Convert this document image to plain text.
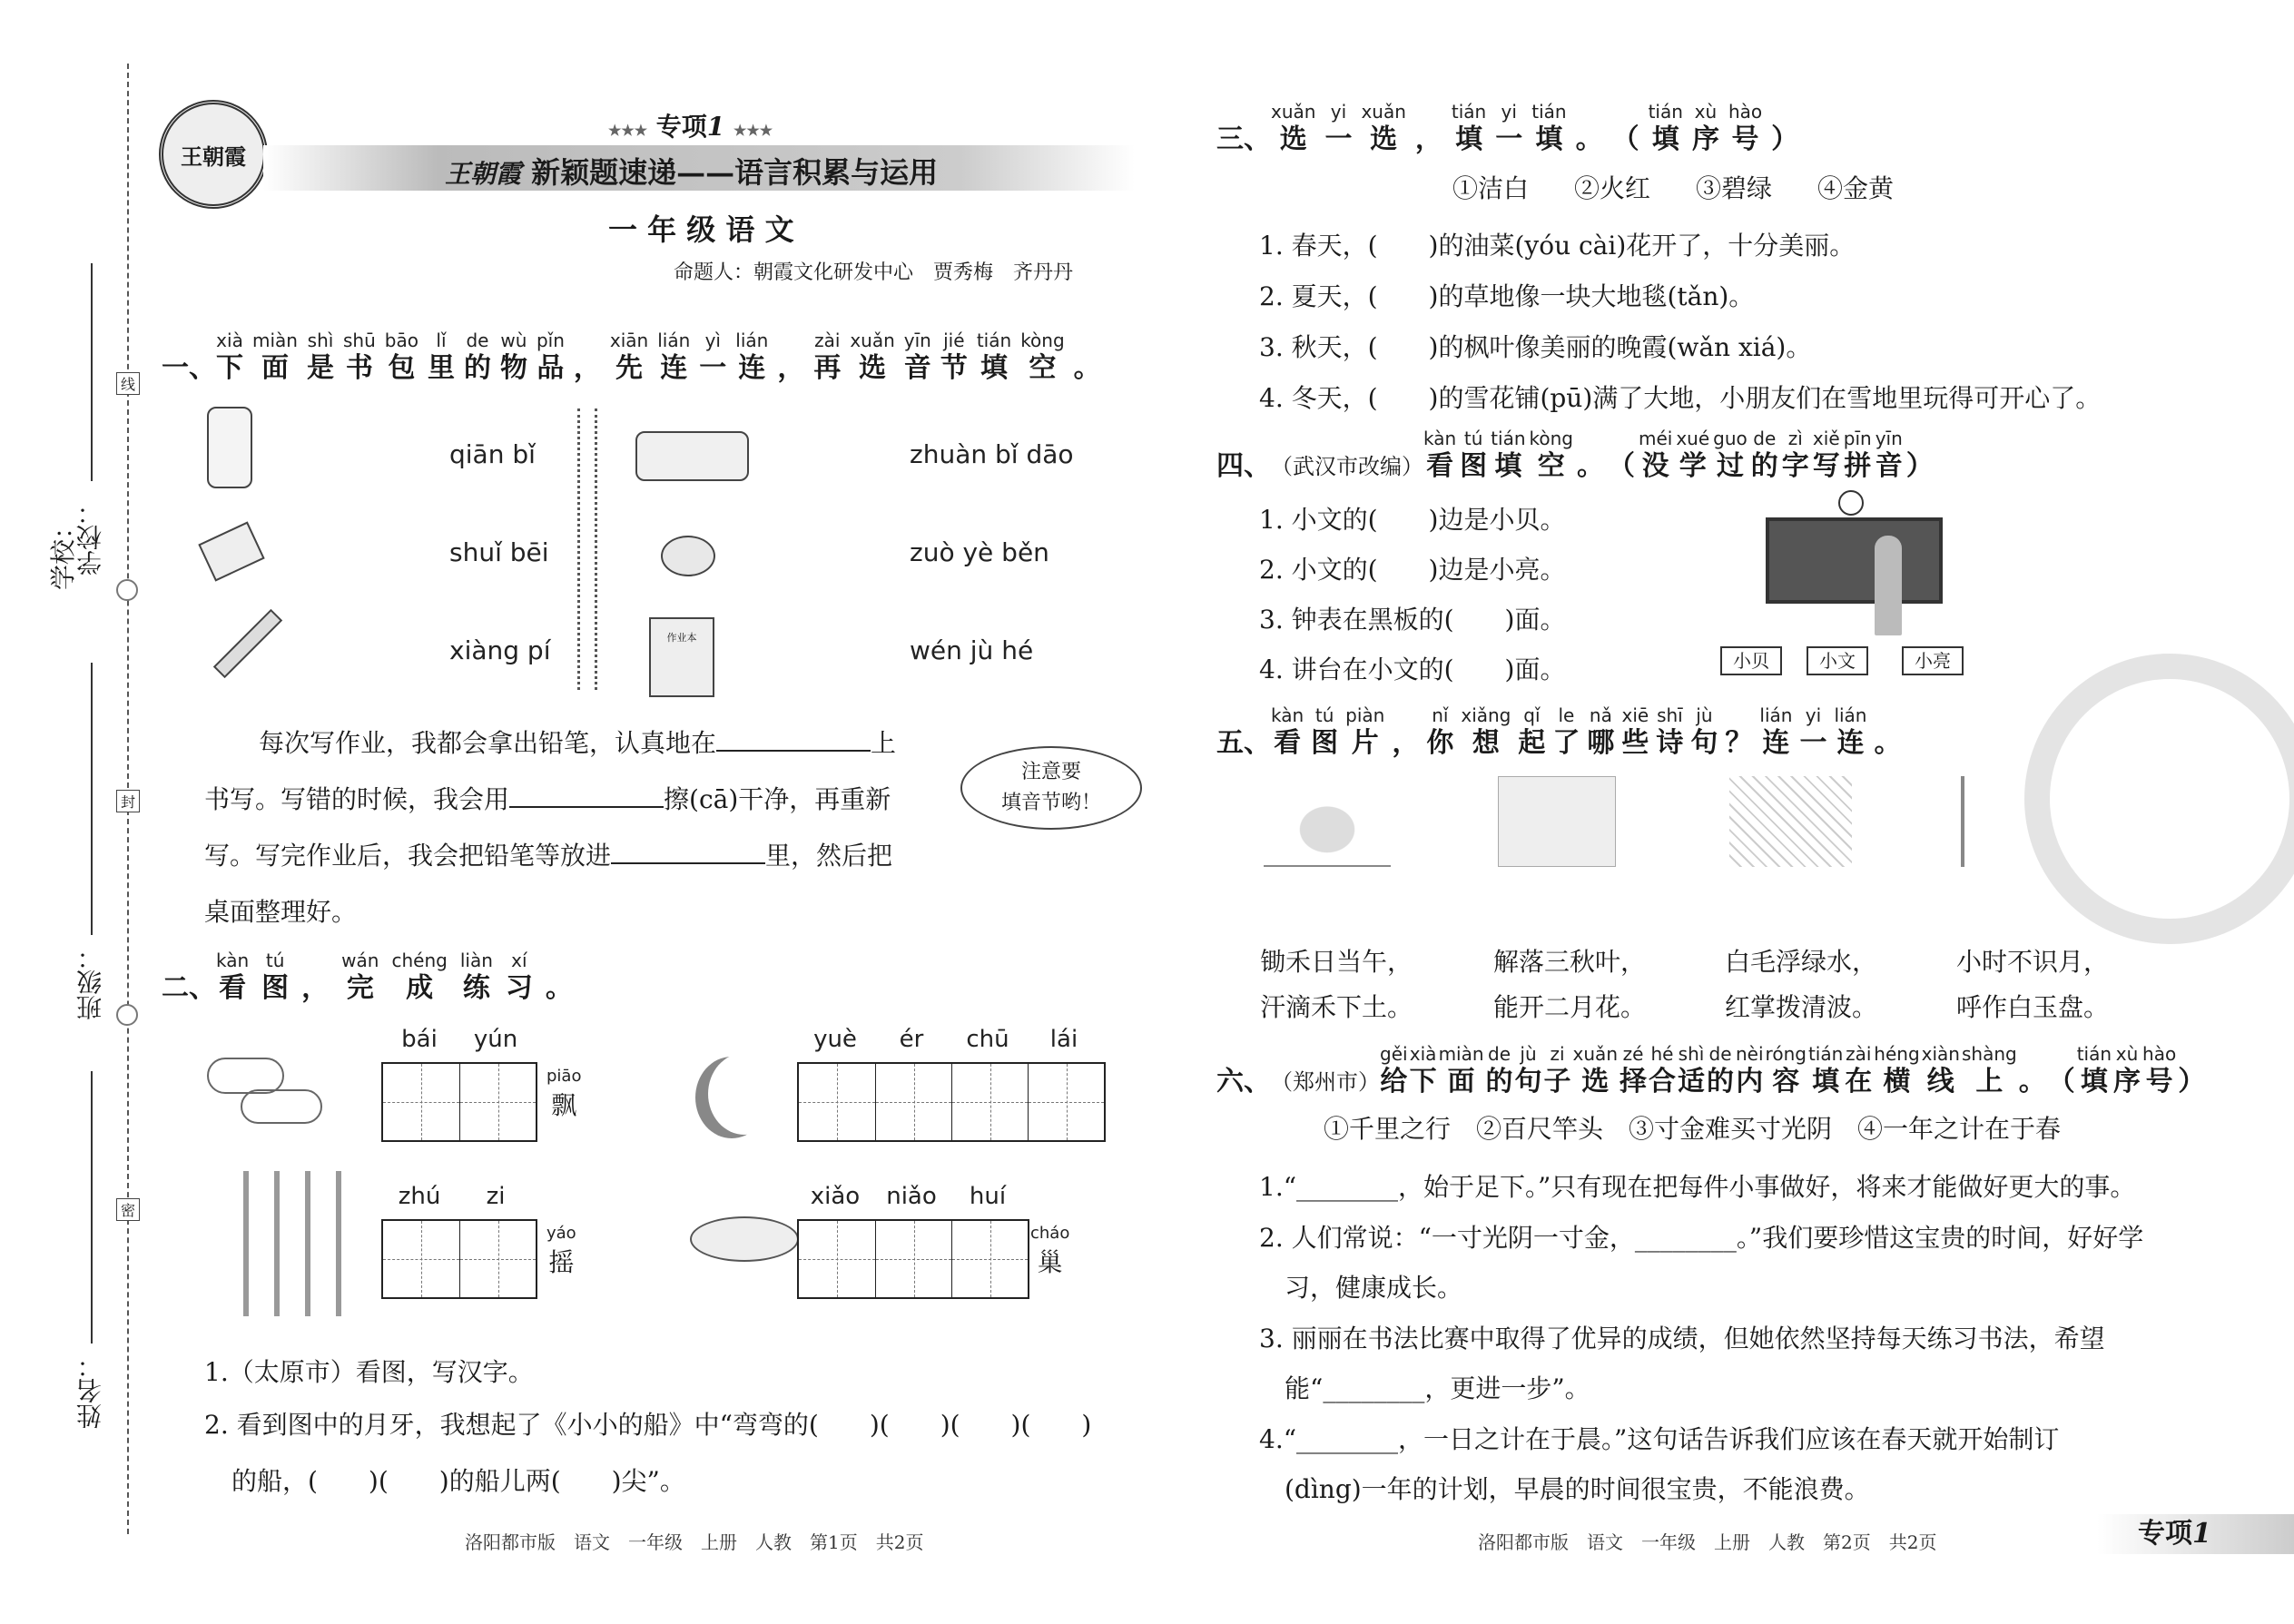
线
封
密
学校：
学校：
班级：
姓名：
王朝霞
★★★ 专项1 ★★★
王朝霞 新颖题速递——语言积累与运用
一 年 级 语 文
命题人：朝霞文化研发中心　贾秀梅　齐丹丹
一、
xià
下
miàn
面
shì
是
shū
书
bāo
包
lǐ
里
de
的
wù
物
pǐn
品 ，
xiān
先
lián
连
yì
一
lián
连 ，
zài
再
xuǎn
选
yīn
音
jié
节
tián
填
kòng
空 。
qiān bǐ
shuǐ bēi
xiàng pí	作业本
zhuàn bǐ dāo
zuò yè běn
wén jù hé
每次写作业，我都会拿出铅笔，认真地在	上
书写。写错的时候，我会用	擦(cā)干净，再重新
写。写完作业后，我会把铅笔等放进	里，然后把
桌面整理好。
注意要
填音节哟！
二、
kàn
看
tú
图 ，
wán
完
chéng
成
liàn
练
xí
习 。
bái	yún
piāo
飘
yuè	ér	chū	lái
zhú	zi
yáo
摇
xiǎo	niǎo	huí
cháo
巢
1.（太原市）看图，写汉字。
2. 看到图中的月牙，我想起了《小小的船》中“弯弯的(　　)(　　)(　　)(　　)
的船，(　　)(　　)的船儿两(　　)尖”。
洛阳都市版　语文　一年级　上册　人教　第1页　共2页
三、
xuǎn
选
yi
一
xuǎn
选 ，
tián
填
yi
一
tián
填 。 （
tián
填
xù
序
hào
号 ）
①洁白 ②火红 ③碧绿 ④金黄
1. 春天，(　　)的油菜(yóu cài)花开了，十分美丽。
2. 夏天，(　　)的草地像一块大地毯(tǎn)。
3. 秋天，(　　)的枫叶像美丽的晚霞(wǎn xiá)。
4. 冬天，(　　)的雪花铺(pū)满了大地，小朋友们在雪地里玩得可开心了。
四、 （武汉市改编）
kàn
看
tú
图
tián
填
kòng
空 。 （
méi
没
xué
学
guo
过
de
的
zì
字
xiě
写
pīn
拼
yīn
音 ）
1. 小文的(　　)边是小贝。
2. 小文的(　　)边是小亮。
3. 钟表在黑板的(　　)面。
4. 讲台在小文的(　　)面。	小贝	小文	小亮
五、
kàn
看
tú
图
piàn
片 ，
nǐ
你
xiǎng
想
qǐ
起
le
了
nǎ
哪
xiē
些
shī
诗
jù
句 ？
lián
连
yi
一
lián
连 。
锄禾日当午，
汗滴禾下土。
解落三秋叶，
能开二月花。
白毛浮绿水，
红掌拨清波。
小时不识月，
呼作白玉盘。
六、 （郑州市）
gěi
给
xià
下
miàn
面
de
的
jù
句
zi
子
xuǎn
选
zé
择
hé
合
shì
适
de
的
nèi
内
róng
容
tián
填
zài
在
héng
横
xiàn
线
shàng
上 。 （
tián
填
xù
序
hào
号 ）
①千里之行　②百尺竿头　③寸金难买寸光阴　④一年之计在于春
1.“________，始于足下。”只有现在把每件小事做好，将来才能做好更大的事。
2. 人们常说：“一寸光阴一寸金，________。”我们要珍惜这宝贵的时间，好好学
习，健康成长。
3. 丽丽在书法比赛中取得了优异的成绩，但她依然坚持每天练习书法，希望
能“________，更进一步”。
4.“________，一日之计在于晨。”这句话告诉我们应该在春天就开始制订
(dìng)一年的计划，早晨的时间很宝贵，不能浪费。
洛阳都市版　语文　一年级　上册　人教　第2页　共2页	专项1
